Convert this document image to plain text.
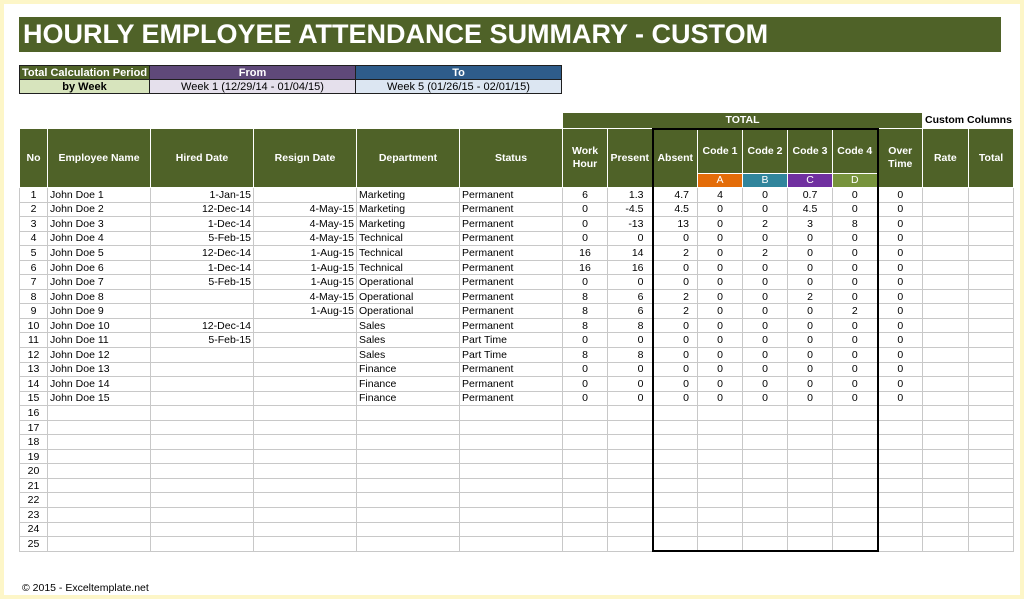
HOURLY EMPLOYEE ATTENDANCE SUMMARY - CUSTOM
Total Calculation Period	From	To
by Week	Week 1 (12/29/14 - 01/04/15)	Week 5 (01/26/15 - 02/01/15)
						TOTAL								Custom Columns	
No	Employee Name	Hired Date	Resign Date	Department	Status	Work Hour	Present	Absent	Code 1	Code 2	Code 3	Code 4	Over Time	Rate	Total
									A	B	C	D			
1	John Doe 1	1-Jan-15		Marketing	Permanent	6	1.3	4.7	4	0	0.7	0	0		
2	John Doe 2	12-Dec-14	4-May-15	Marketing	Permanent	0	-4.5	4.5	0	0	4.5	0	0		
3	John Doe 3	1-Dec-14	4-May-15	Marketing	Permanent	0	-13	13	0	2	3	8	0		
4	John Doe 4	5-Feb-15	4-May-15	Technical	Permanent	0	0	0	0	0	0	0	0		
5	John Doe 5	12-Dec-14	1-Aug-15	Technical	Permanent	16	14	2	0	2	0	0	0		
6	John Doe 6	1-Dec-14	1-Aug-15	Technical	Permanent	16	16	0	0	0	0	0	0		
7	John Doe 7	5-Feb-15	1-Aug-15	Operational	Permanent	0	0	0	0	0	0	0	0		
8	John Doe 8		4-May-15	Operational	Permanent	8	6	2	0	0	2	0	0		
9	John Doe 9		1-Aug-15	Operational	Permanent	8	6	2	0	0	0	2	0		
10	John Doe 10	12-Dec-14		Sales	Permanent	8	8	0	0	0	0	0	0		
11	John Doe 11	5-Feb-15		Sales	Part Time	0	0	0	0	0	0	0	0		
12	John Doe 12			Sales	Part Time	8	8	0	0	0	0	0	0		
13	John Doe 13			Finance	Permanent	0	0	0	0	0	0	0	0		
14	John Doe 14			Finance	Permanent	0	0	0	0	0	0	0	0		
15	John Doe 15			Finance	Permanent	0	0	0	0	0	0	0	0		
16															
17															
18															
19															
20															
21															
22															
23															
24															
25															
© 2015 - Exceltemplate.net
